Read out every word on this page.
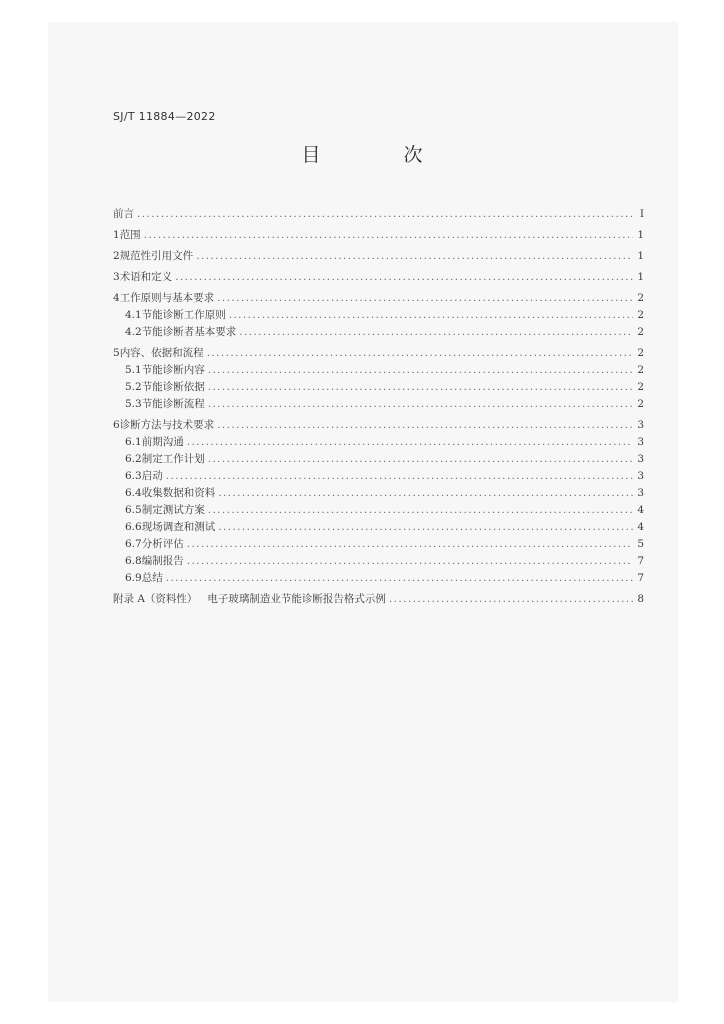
SJ/T 11884—2022
目　次
前言 .....	Ⅰ
1 范围 .....	1
2 规范性引用文件 .....	1
3 术语和定义 .....	1
4 工作原则与基本要求 .....	2
4.1 节能诊断工作原则 .....	2
4.2 节能诊断者基本要求 .....	2
5 内容、依据和流程 .....	2
5.1 节能诊断内容 .....	2
5.2 节能诊断依据 .....	2
5.3 节能诊断流程 .....	2
6 诊断方法与技术要求 .....	3
6.1 前期沟通 .....	3
6.2 制定工作计划 .....	3
6.3 启动 .....	3
6.4 收集数据和资料 .....	3
6.5 制定测试方案 .....	4
6.6 现场调查和测试 .....	4
6.7 分析评估 .....	5
6.8 编制报告 .....	7
6.9 总结 .....	7
附录 A（资料性） 电子玻璃制造业节能诊断报告格式示例 .....	8
